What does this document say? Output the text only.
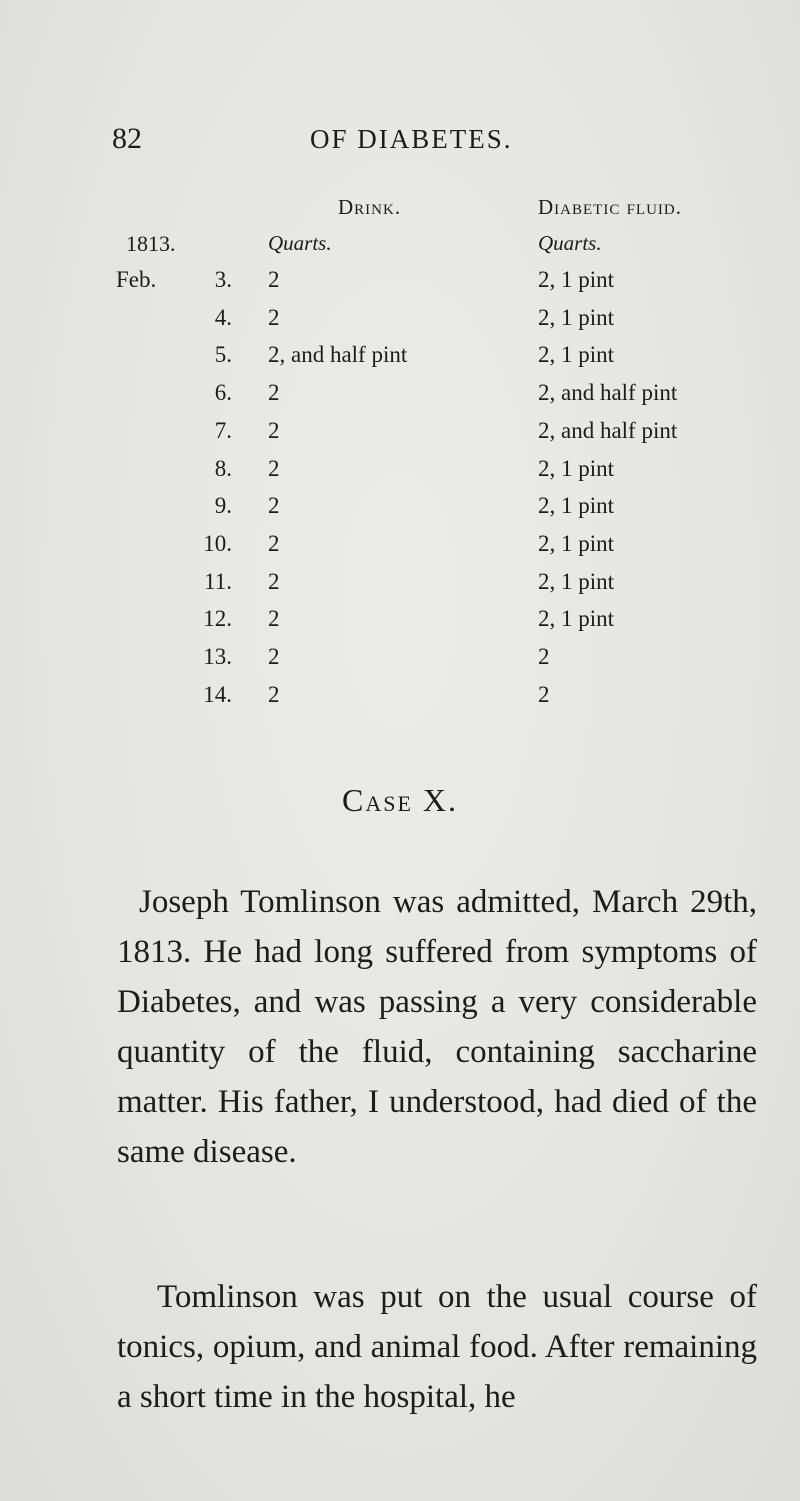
82	OF DIABETES.
Drink.	Diabetic fluid.
1813.	Quarts.	Quarts.
Feb.	3. 2	2, 1 pint
4. 2	2, 1 pint
5. 2, and half pint	2, 1 pint
6. 2	2, and half pint
7. 2	2, and half pint
8. 2	2, 1 pint
9. 2	2, 1 pint
10. 2	2, 1 pint
11. 2	2, 1 pint
12. 2	2, 1 pint
13. 2	2
14. 2	2
Case X.

Joseph Tomlinson was admitted, March 29th, 1813. He had long suffered from symptoms of Diabetes, and was passing a very considerable quantity of the fluid, containing saccharine matter. His father, I understood, had died of the same disease.

Tomlinson was put on the usual course of tonics, opium, and animal food. After remaining a short time in the hospital, he
